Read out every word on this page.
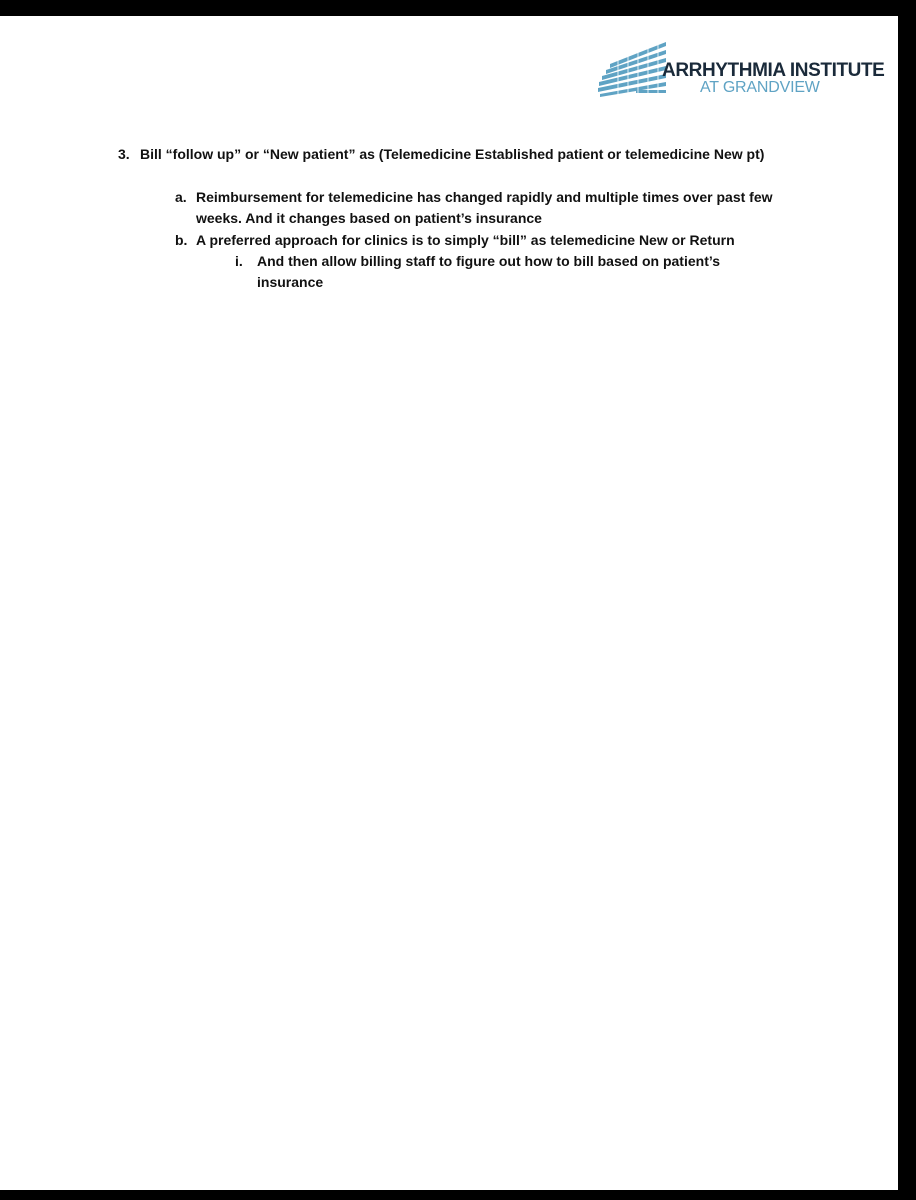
ARRHYTHMIA INSTITUTE
AT GRANDVIEW
3. Bill “follow up” or “New patient” as (Telemedicine Established patient or telemedicine New pt)
a. Reimbursement for telemedicine has changed rapidly and multiple times over past few weeks. And it changes based on patient’s insurance
b. A preferred approach for clinics is to simply “bill” as telemedicine New or Return
i. And then allow billing staff to figure out how to bill based on patient’s insurance
